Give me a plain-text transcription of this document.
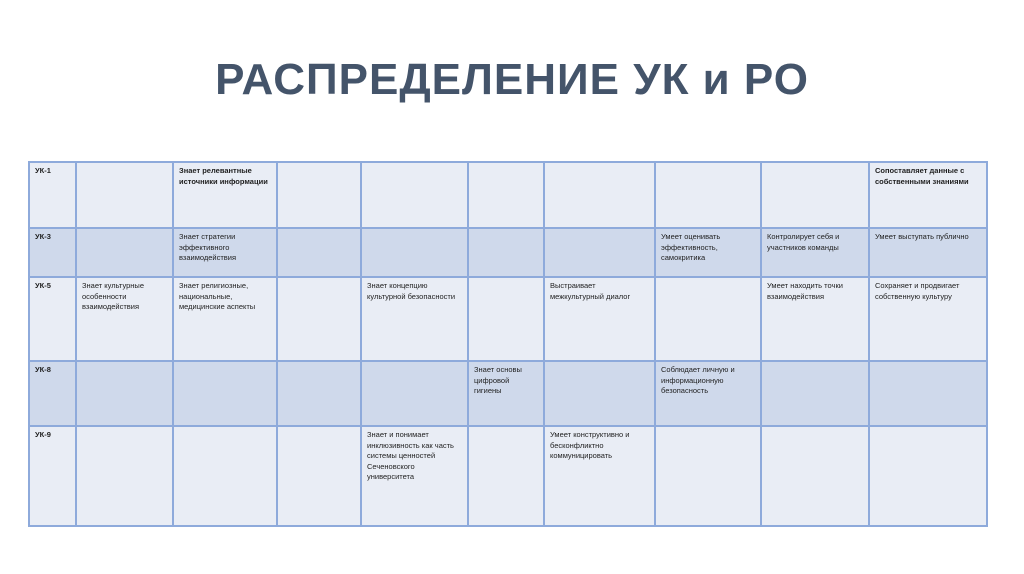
РАСПРЕДЕЛЕНИЕ УК и РО
УК-1		Знает релевантные источники информации							Сопоставляет данные с собственными знаниями
УК-3		Знает стратегии эффективного взаимодействия					Умеет оценивать эффективность, самокритика	Контролирует себя и участников команды	Умеет выступать публично
УК-5	Знает культурные особенности взаимодействия	Знает религиозные, национальные, медицинские аспекты		Знает концепцию культурной безопасности		Выстраивает межкультурный диалог		Умеет находить точки взаимодействия	Сохраняет и продвигает собственную культуру
УК-8					Знает основы цифровой гигиены		Соблюдает личную и информационную безопасность		
УК-9				Знает и понимает инклюзивность как часть системы ценностей Сеченовского университета		Умеет конструктивно и бесконфликтно коммуницировать			
